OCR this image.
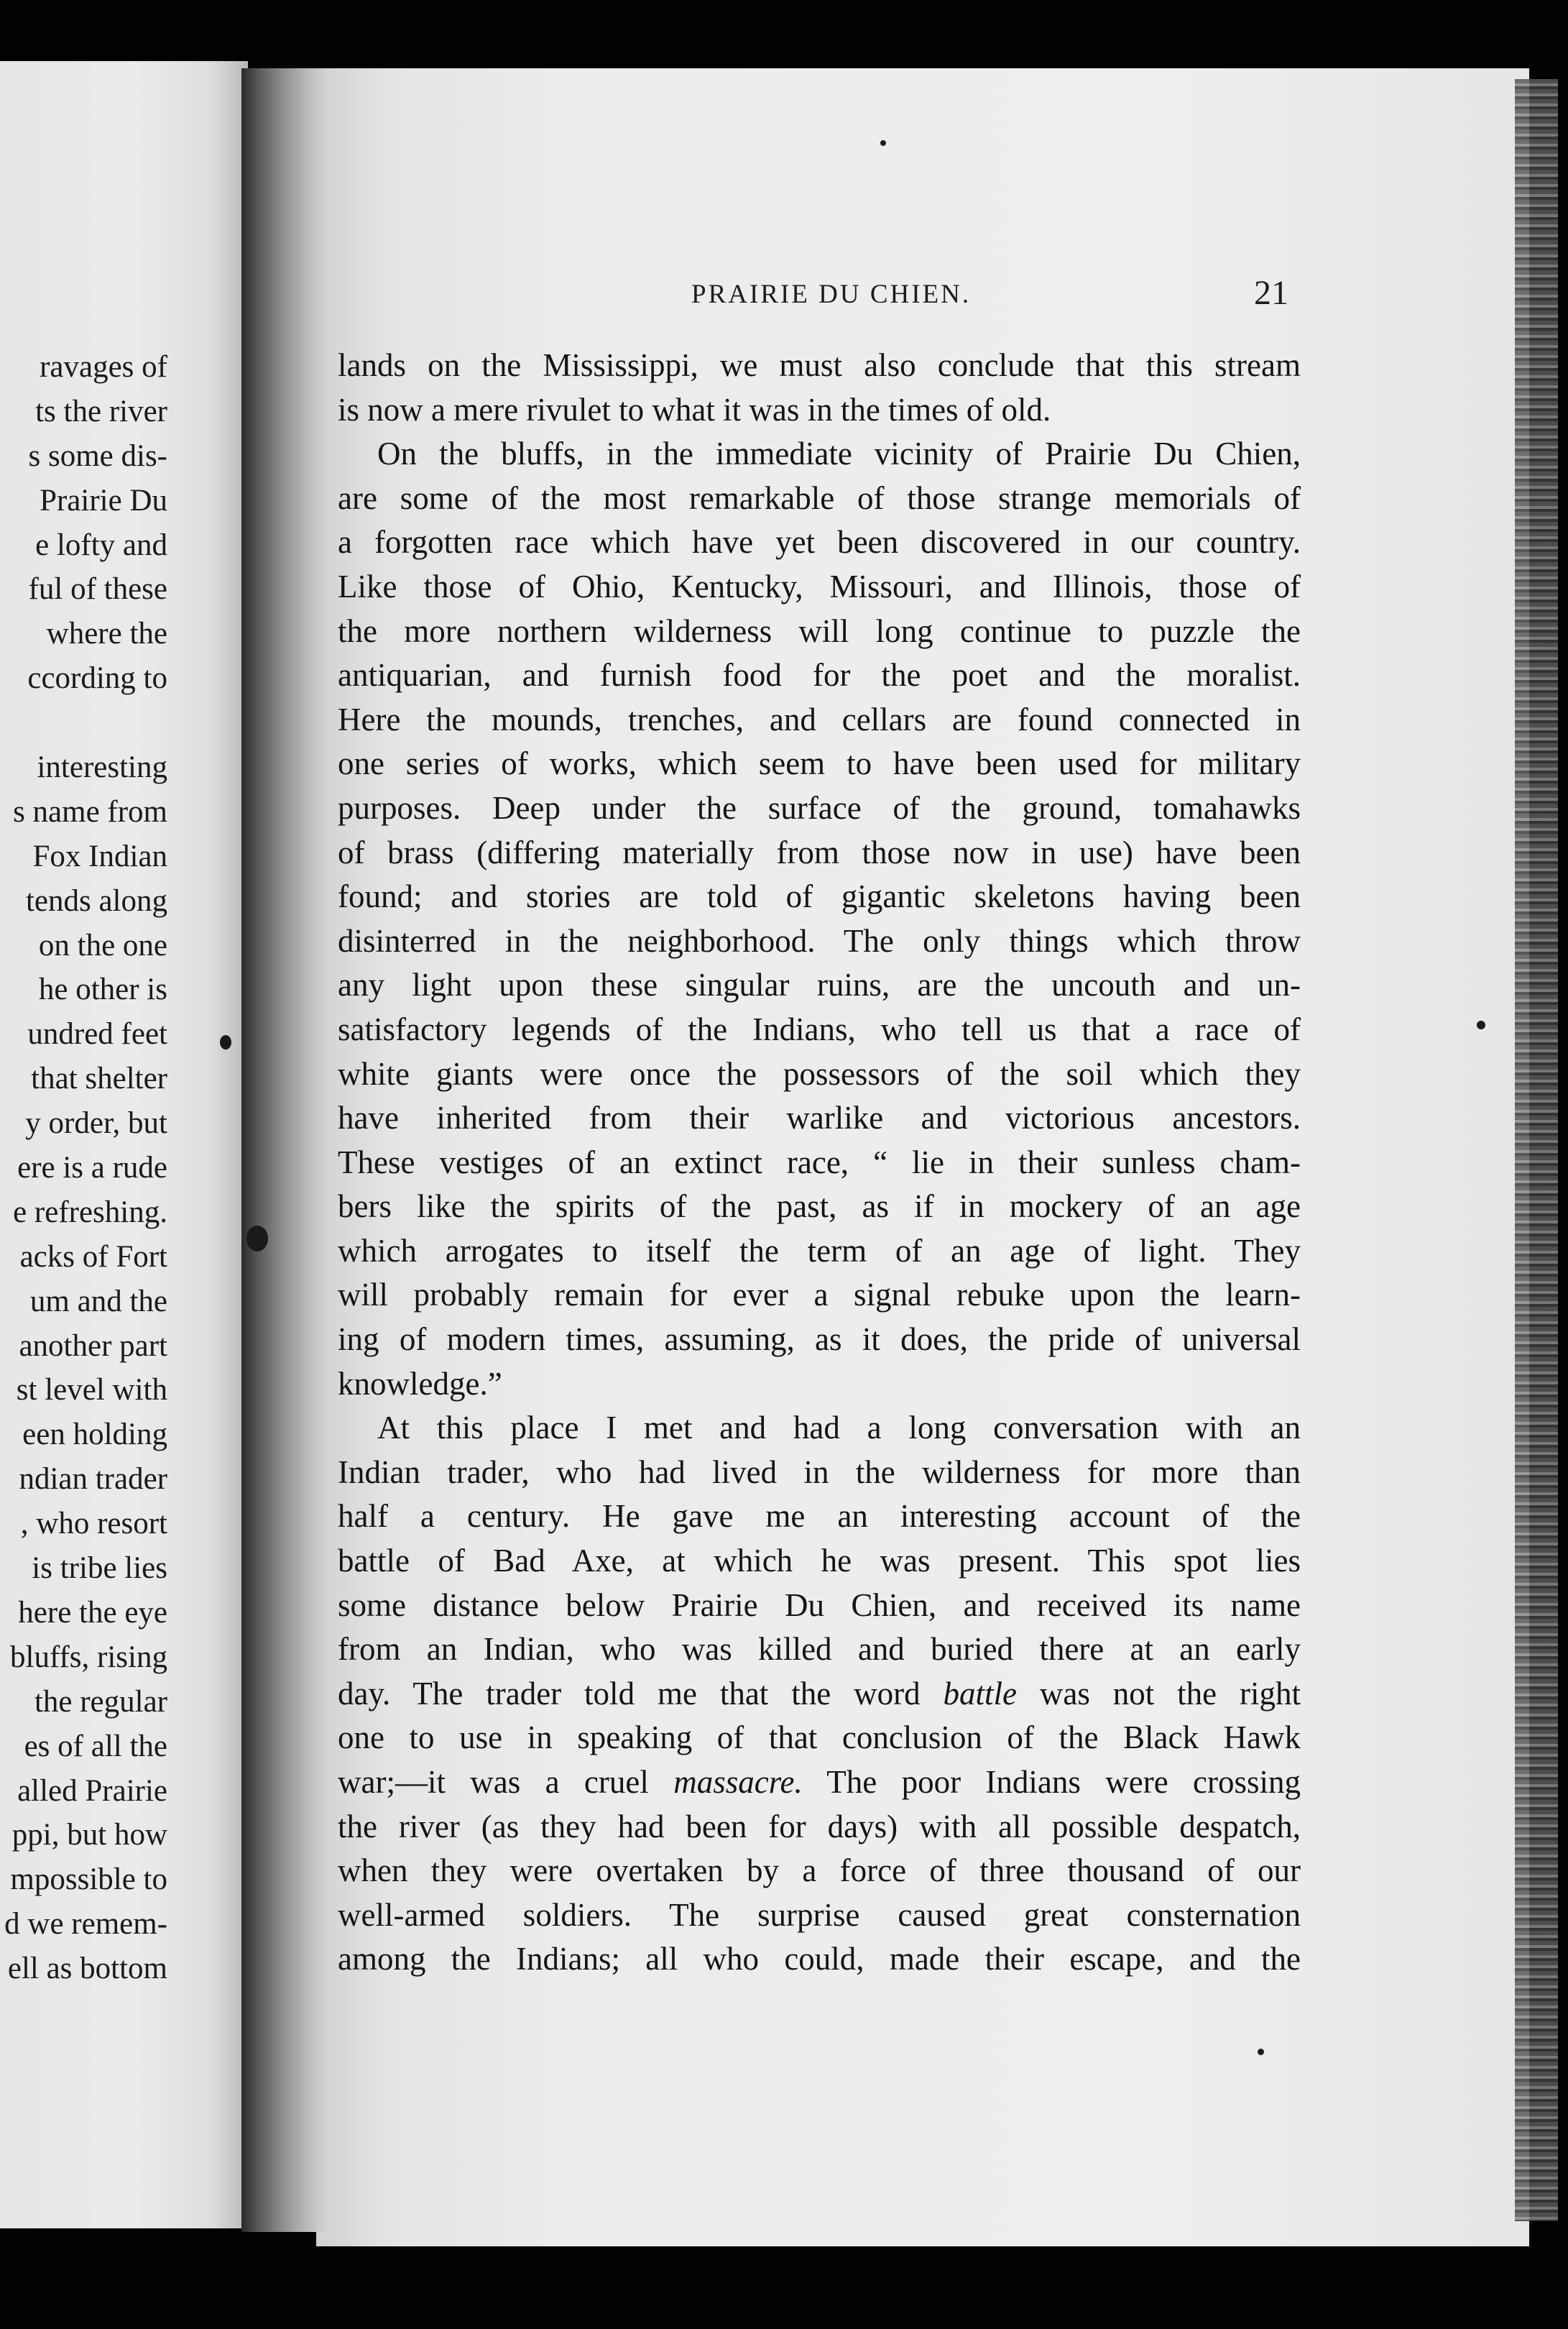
ravages of
ts the river
s some dis-
Prairie Du
e lofty and
ful of these
where the
ccording to
interesting
s name from
Fox Indian
tends along
on the one
he other is
undred feet
that shelter
y order, but
ere is a rude
e refreshing.
acks of Fort
um and the
another part
st level with
een holding
ndian trader
, who resort
is tribe lies
here the eye
bluffs, rising
the regular
es of all the
alled Prairie
ppi, but how
mpossible to
d we remem-
ell as bottom
PRAIRIE DU CHIEN.	21
lands on the Mississippi, we must also conclude that this stream
is now a mere rivulet to what it was in the times of old.
On the bluffs, in the immediate vicinity of Prairie Du Chien,
are some of the most remarkable of those strange memorials of
a forgotten race which have yet been discovered in our country.
Like those of Ohio, Kentucky, Missouri, and Illinois, those of
the more northern wilderness will long continue to puzzle the
antiquarian, and furnish food for the poet and the moralist.
Here the mounds, trenches, and cellars are found connected in
one series of works, which seem to have been used for military
purposes. Deep under the surface of the ground, tomahawks
of brass (differing materially from those now in use) have been
found; and stories are told of gigantic skeletons having been
disinterred in the neighborhood. The only things which throw
any light upon these singular ruins, are the uncouth and un-
satisfactory legends of the Indians, who tell us that a race of
white giants were once the possessors of the soil which they
have inherited from their warlike and victorious ancestors.
These vestiges of an extinct race, “ lie in their sunless cham-
bers like the spirits of the past, as if in mockery of an age
which arrogates to itself the term of an age of light. They
will probably remain for ever a signal rebuke upon the learn-
ing of modern times, assuming, as it does, the pride of universal
knowledge.”
At this place I met and had a long conversation with an
Indian trader, who had lived in the wilderness for more than
half a century. He gave me an interesting account of the
battle of Bad Axe, at which he was present. This spot lies
some distance below Prairie Du Chien, and received its name
from an Indian, who was killed and buried there at an early
day. The trader told me that the word battle was not the right
one to use in speaking of that conclusion of the Black Hawk
war;—it was a cruel massacre. The poor Indians were crossing
the river (as they had been for days) with all possible despatch,
when they were overtaken by a force of three thousand of our
well-armed soldiers. The surprise caused great consternation
among the Indians; all who could, made their escape, and the
